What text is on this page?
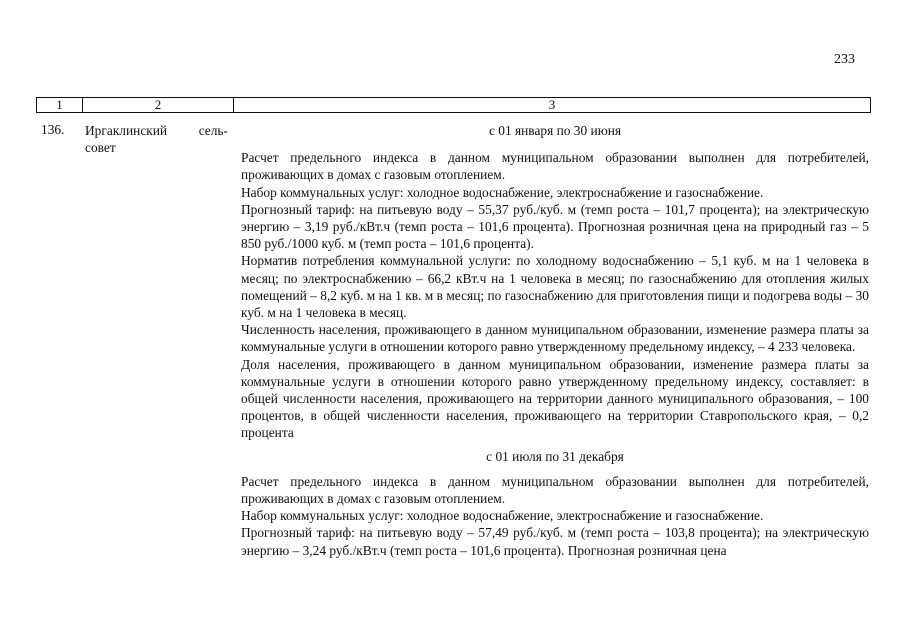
233
1	2	3
136. Иргаклинский сель-
совет
с 01 января по 30 июня
Расчет предельного индекса в данном муниципальном образовании выполнен для потребителей, проживающих в домах с газовым отоплением.
Набор коммунальных услуг: холодное водоснабжение, электроснабжение и газоснабжение.
Прогнозный тариф: на питьевую воду – 55,37 руб./куб. м (темп роста – 101,7 процента); на электрическую энергию – 3,19 руб./кВт.ч (темп роста – 101,6 процента). Прогнозная розничная цена на природный газ – 5 850 руб./1000 куб. м (темп роста – 101,6 процента).
Норматив потребления коммунальной услуги: по холодному водоснабжению – 5,1 куб. м на 1 человека в месяц; по электроснабжению – 66,2 кВт.ч на 1 человека в месяц; по газоснабжению для отопления жилых помещений – 8,2 куб. м на 1 кв. м в месяц; по газоснабжению для приготовления пищи и подогрева воды – 30 куб. м на 1 человека в месяц.
Численность населения, проживающего в данном муниципальном образовании, изменение размера платы за коммунальные услуги в отношении которого равно утвержденному предельному индексу, – 4 233 человека.
Доля населения, проживающего в данном муниципальном образовании, изменение размера платы за коммунальные услуги в отношении которого равно утвержденному предельному индексу, составляет: в общей численности населения, проживающего на территории данного муниципального образования, – 100 процентов, в общей численности населения, проживающего на территории Ставропольского края, – 0,2 процента
с 01 июля по 31 декабря
Расчет предельного индекса в данном муниципальном образовании выполнен для потребителей, проживающих в домах с газовым отоплением.
Набор коммунальных услуг: холодное водоснабжение, электроснабжение и газоснабжение.
Прогнозный тариф: на питьевую воду – 57,49 руб./куб. м (темп роста – 103,8 процента); на электрическую энергию – 3,24 руб./кВт.ч (темп роста – 101,6 процента). Прогнозная розничная цена
